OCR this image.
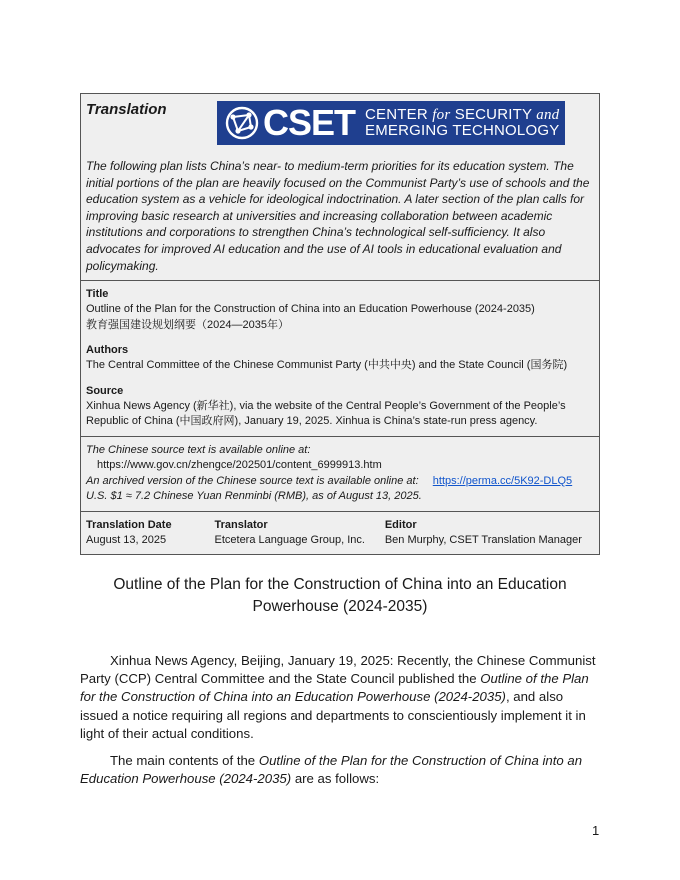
Translation	CSET CENTER for SECURITY and
EMERGING TECHNOLOGY
The following plan lists China’s near- to medium-term priorities for its education system. The initial portions of the plan are heavily focused on the Communist Party’s use of schools and the education system as a vehicle for ideological indoctrination. A later section of the plan calls for improving basic research at universities and increasing collaboration between academic institutions and corporations to strengthen China’s technological self-sufficiency. It also advocates for improved AI education and the use of AI tools in educational evaluation and policymaking.
Title
Outline of the Plan for the Construction of China into an Education Powerhouse (2024-2035)
教育强国建设规划纲要（2024—2035年）
Authors
The Central Committee of the Chinese Communist Party (中共中央) and the State Council (国务院)
Source
Xinhua News Agency (新华社), via the website of the Central People’s Government of the People’s Republic of China (中国政府网), January 19, 2025. Xinhua is China’s state-run press agency.
The Chinese source text is available online at:
https://www.gov.cn/zhengce/202501/content_6999913.htm
An archived version of the Chinese source text is available online at: https://perma.cc/5K92-DLQ5
U.S. $1 ≈ 7.2 Chinese Yuan Renminbi (RMB), as of August 13, 2025.
Translation Date
August 13, 2025
Translator
Etcetera Language Group, Inc.
Editor
Ben Murphy, CSET Translation Manager
Outline of the Plan for the Construction of China into an Education Powerhouse (2024-2035)
Xinhua News Agency, Beijing, January 19, 2025: Recently, the Chinese Communist Party (CCP) Central Committee and the State Council published the Outline of the Plan for the Construction of China into an Education Powerhouse (2024-2035), and also issued a notice requiring all regions and departments to conscientiously implement it in light of their actual conditions.
The main contents of the Outline of the Plan for the Construction of China into an Education Powerhouse (2024-2035) are as follows:
1
